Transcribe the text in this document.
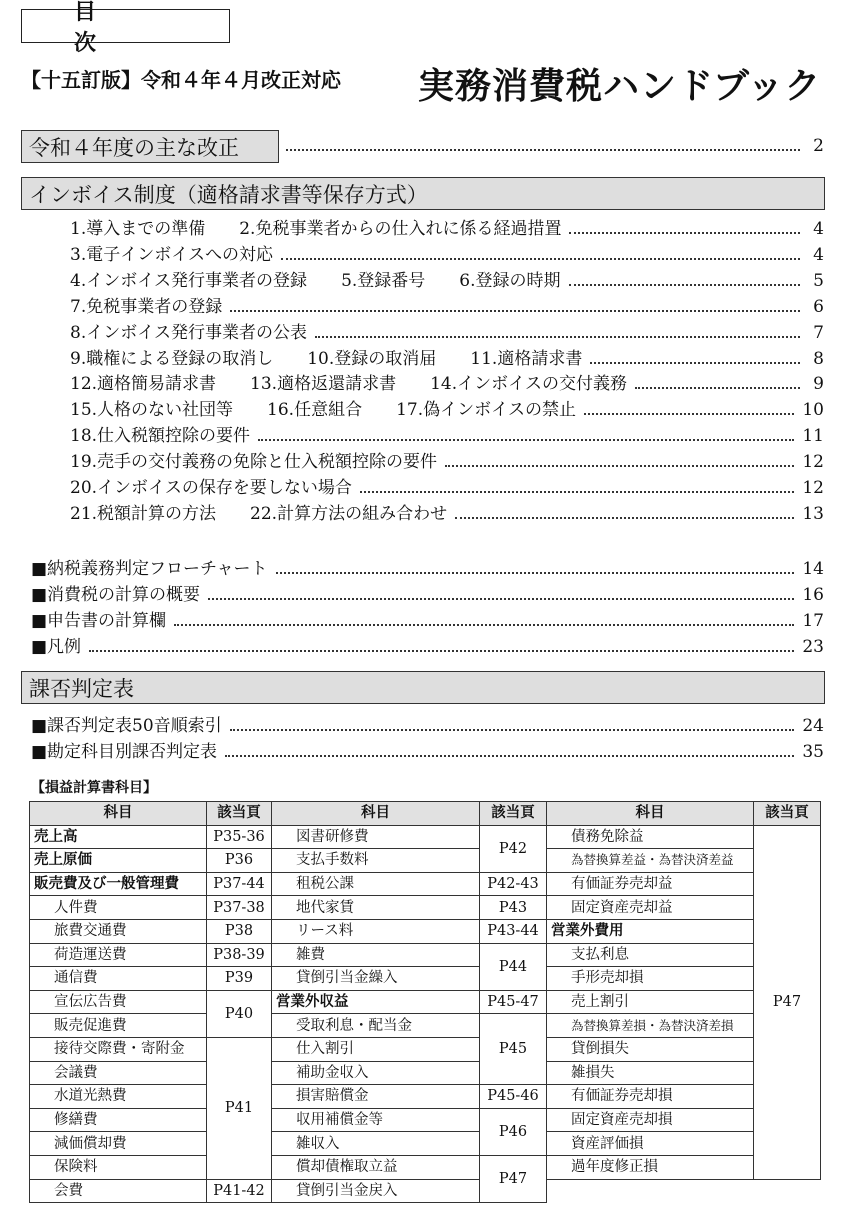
目　次
【十五訂版】令和４年４月改正対応 実務消費税ハンドブック
令和４年度の主な改正	2
インボイス制度（適格請求書等保存方式）
1.導入までの準備 2.免税事業者からの仕入れに係る経過措置	4
3.電子インボイスへの対応	4
4.インボイス発行事業者の登録 5.登録番号 6.登録の時期	5
7.免税事業者の登録	6
8.インボイス発行事業者の公表	7
9.職権による登録の取消し 10.登録の取消届 11.適格請求書	8
12.適格簡易請求書 13.適格返還請求書 14.インボイスの交付義務	9
15.人格のない社団等 16.任意組合 17.偽インボイスの禁止	10
18.仕入税額控除の要件	11
19.売手の交付義務の免除と仕入税額控除の要件	12
20.インボイスの保存を要しない場合	12
21.税額計算の方法 22.計算方法の組み合わせ	13
■納税義務判定フローチャート	14
■消費税の計算の概要	16
■申告書の計算欄	17
■凡例	23
課否判定表
■課否判定表50音順索引	24
■勘定科目別課否判定表	35
【損益計算書科目】
科目	該当頁	科目	該当頁	科目	該当頁
売上高	P35-36	図書研修費	P42	債務免除益	P47
売上原価	P36	支払手数料		為替換算差益・為替決済差益	
販売費及び一般管理費	P37-44	租税公課	P42-43	有価証券売却益	
人件費	P37-38	地代家賃	P43	固定資産売却益	
旅費交通費	P38	リース料	P43-44	営業外費用	
荷造運送費	P38-39	雑費	P44	支払利息	
通信費	P39	貸倒引当金繰入		手形売却損	
宣伝広告費	P40	営業外収益	P45-47	売上割引	
販売促進費		受取利息・配当金	P45	為替換算差損・為替決済差損	
接待交際費・寄附金	P41	仕入割引		貸倒損失	
会議費		補助金収入		雑損失	
水道光熱費		損害賠償金	P45-46	有価証券売却損	
修繕費		収用補償金等	P46	固定資産売却損	
減価償却費		雑収入		資産評価損	
保険料		償却債権取立益	P47	過年度修正損	
会費	P41-42	貸倒引当金戻入			
